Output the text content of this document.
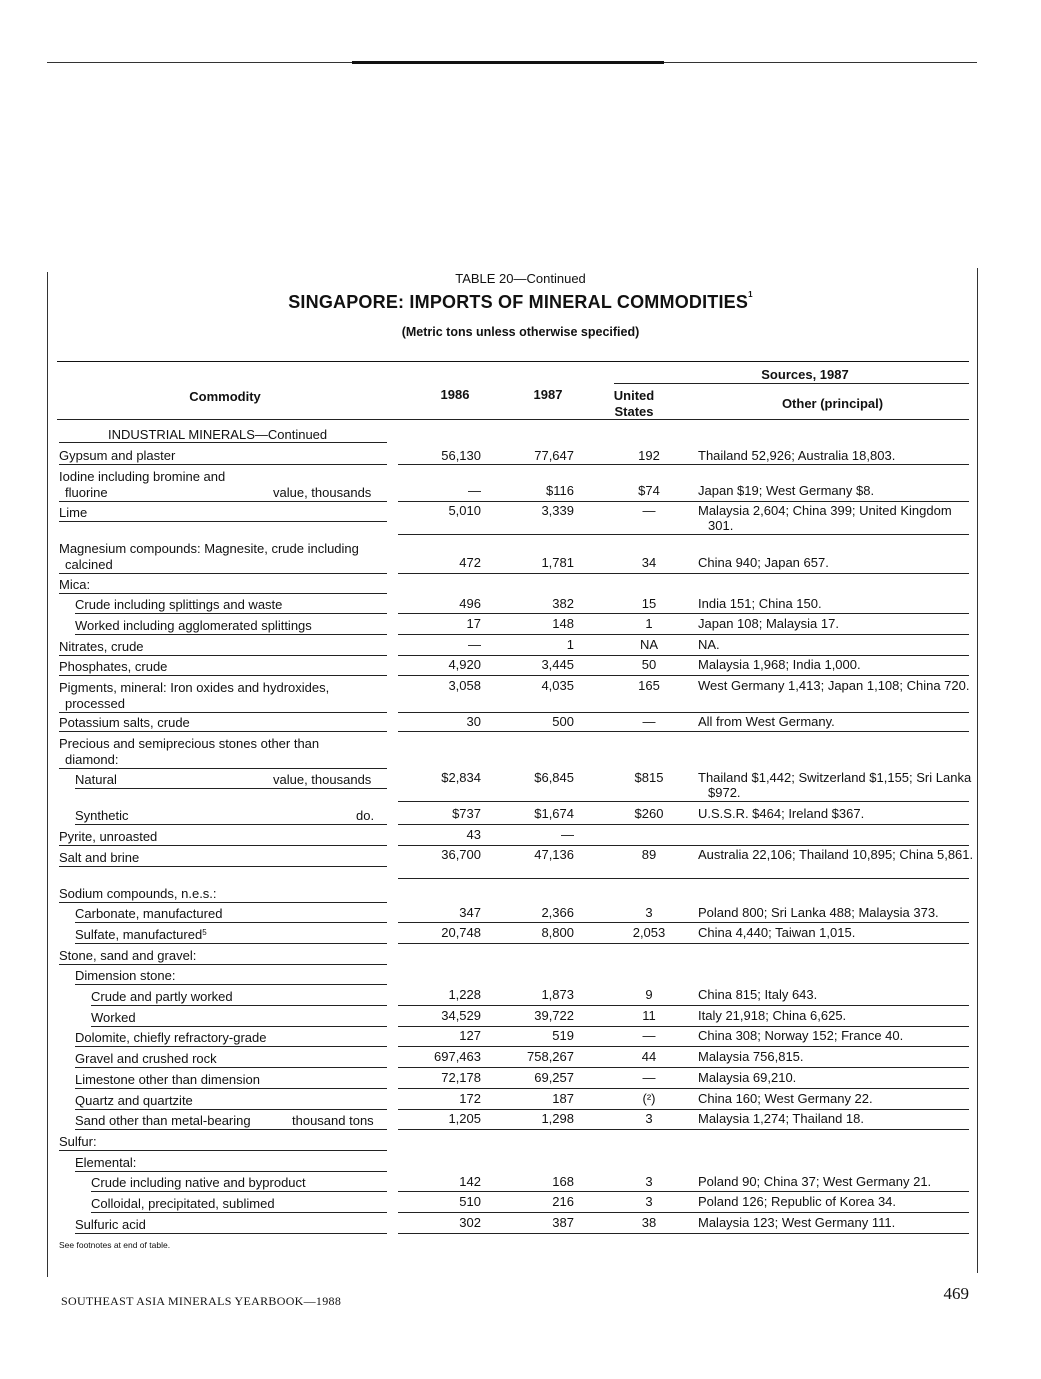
TABLE 20—Continued
SINGAPORE: IMPORTS OF MINERAL COMMODITIES$^1$
(Metric tons unless otherwise specified)
Commodity	1986	1987
Sources, 1987
United
States
Other (principal)
INDUSTRIAL MINERALS—Continued
Gypsum and plaster	56,130	77,647	192	Thailand 52,926; Australia 18,803.
Iodine including bromine and
fluorine	value, thousands	—	$116	$74	Japan $19; West Germany $8.
Lime	5,010	3,339	—	Malaysia 2,604; China 399; United Kingdom 301.
Magnesium compounds: Magnesite, crude including
calcined	472	1,781	34	China 940; Japan 657.
Mica:
Crude including splittings and waste	496	382	15	India 151; China 150.
Worked including agglomerated splittings	17	148	1	Japan 108; Malaysia 17.
Nitrates, crude	—	1	NA	NA.
Phosphates, crude	4,920	3,445	50	Malaysia 1,968; India 1,000.
Pigments, mineral: Iron oxides and hydroxides,
processed
3,058	4,035	165	West Germany 1,413; Japan 1,108; China 720.
Potassium salts, crude	30	500	—	All from West Germany.
Precious and semiprecious stones other than
diamond:
Natural	value, thousands	$2,834	$6,845	$815	Thailand $1,442; Switzerland $1,155; Sri Lanka $972.
Synthetic	do.	$737	$1,674	$260	U.S.S.R. $464; Ireland $367.
Pyrite, unroasted	43	—
Salt and brine	36,700	47,136	89	Australia 22,106; Thailand 10,895; China 5,861.
Sodium compounds, n.e.s.:
Carbonate, manufactured	347	2,366	3	Poland 800; Sri Lanka 488; Malaysia 373.
Sulfate, manufactured$^5$	20,748	8,800	2,053	China 4,440; Taiwan 1,015.
Stone, sand and gravel:
Dimension stone:
Crude and partly worked	1,228	1,873	9	China 815; Italy 643.
Worked	34,529	39,722	11	Italy 21,918; China 6,625.
Dolomite, chiefly refractory-grade	127	519	—	China 308; Norway 152; France 40.
Gravel and crushed rock	697,463	758,267	44	Malaysia 756,815.
Limestone other than dimension	72,178	69,257	—	Malaysia 69,210.
Quartz and quartzite	172	187	(²)	China 160; West Germany 22.
Sand other than metal-bearing	thousand tons	1,205	1,298	3	Malaysia 1,274; Thailand 18.
Sulfur:
Elemental:
Crude including native and byproduct	142	168	3	Poland 90; China 37; West Germany 21.
Colloidal, precipitated, sublimed	510	216	3	Poland 126; Republic of Korea 34.
Sulfuric acid	302	387	38	Malaysia 123; West Germany 111.
See footnotes at end of table.
SOUTHEAST ASIA MINERALS YEARBOOK—1988	469
